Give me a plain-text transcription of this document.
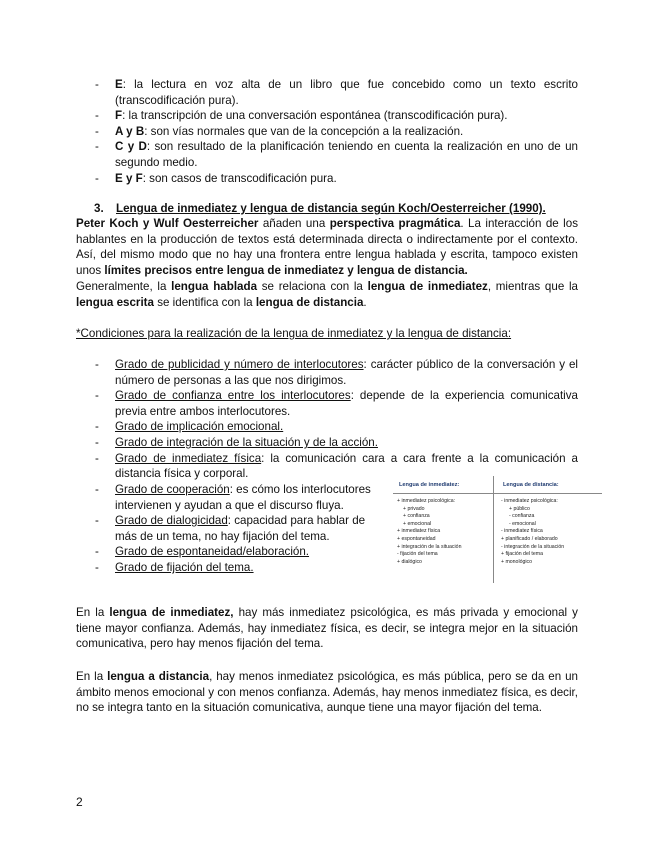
- E: la lectura en voz alta de un libro que fue concebido como un texto escrito (transcodificación pura).
- F: la transcripción de una conversación espontánea (transcodificación pura).
- A y B: son vías normales que van de la concepción a la realización.
- C y D: son resultado de la planificación teniendo en cuenta la realización en uno de un segundo medio.
- E y F: son casos de transcodificación pura.
3. Lengua de inmediatez y lengua de distancia según Koch/Oesterreicher (1990).
Peter Koch y Wulf Oesterreicher añaden una perspectiva pragmática. La interacción de los hablantes en la producción de textos está determinada directa o indirectamente por el contexto. Así, del mismo modo que no hay una frontera entre lengua hablada y escrita, tampoco existen unos límites precisos entre lengua de inmediatez y lengua de distancia.
Generalmente, la lengua hablada se relaciona con la lengua de inmediatez, mientras que la lengua escrita se identifica con la lengua de distancia.
*Condiciones para la realización de la lengua de inmediatez y la lengua de distancia:
- Grado de publicidad y número de interlocutores: carácter público de la conversación y el número de personas a las que nos dirigimos.
- Grado de confianza entre los interlocutores: depende de la experiencia comunicativa previa entre ambos interlocutores.
- Grado de implicación emocional.
- Grado de integración de la situación y de la acción.
- Grado de inmediatez física: la comunicación cara a cara frente a la comunicación a distancia física y corporal.
- Grado de cooperación: es cómo los interlocutores intervienen y ayudan a que el discurso fluya.
- Grado de dialogicidad: capacidad para hablar de más de un tema, no hay fijación del tema.
- Grado de espontaneidad/elaboración.
- Grado de fijación del tema.
Lengua de inmediatez:	Lengua de distancia:
+ inmediatez psicológica:
+ privado
+ confianza
+ emocional
+ inmediatez física
+ espontaneidad
+ integración de la situación
- fijación del tema
+ dialógico
- inmediatez psicológica:
+ público
- confianza
- emocional
- inmediatez física
+ planificado / elaborado
- integración de la situación
+ fijación del tema
+ monológico
En la lengua de inmediatez, hay más inmediatez psicológica, es más privada y emocional y tiene mayor confianza. Además, hay inmediatez física, es decir, se integra mejor en la situación comunicativa, pero hay menos fijación del tema.
En la lengua a distancia, hay menos inmediatez psicológica, es más pública, pero se da en un ámbito menos emocional y con menos confianza. Además, hay menos inmediatez física, es decir, no se integra tanto en la situación comunicativa, aunque tiene una mayor fijación del tema.
2
